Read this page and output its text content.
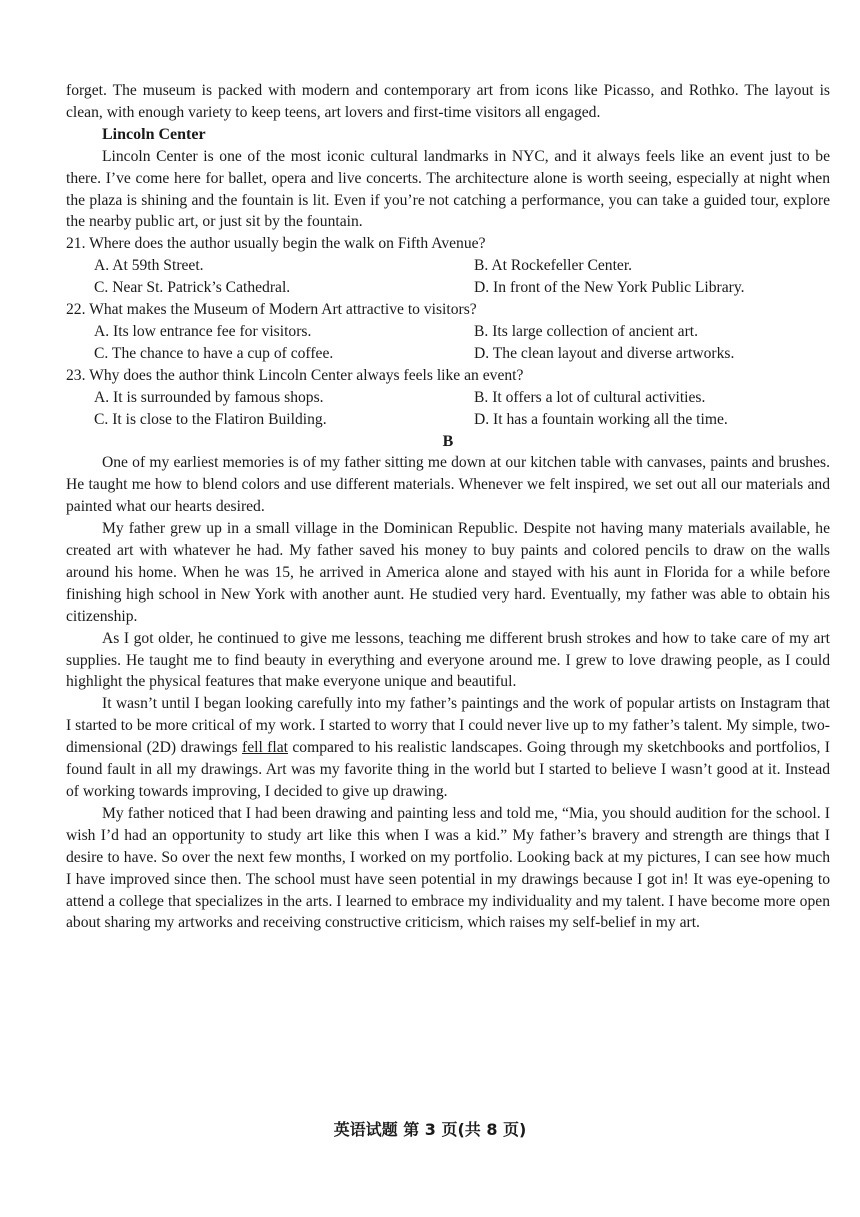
forget. The museum is packed with modern and contemporary art from icons like Picasso, and Rothko. The layout is clean, with enough variety to keep teens, art lovers and first-time visitors all engaged.

Lincoln Center

Lincoln Center is one of the most iconic cultural landmarks in NYC, and it always feels like an event just to be there. I’ve come here for ballet, opera and live concerts. The architecture alone is worth seeing, especially at night when the plaza is shining and the fountain is lit. Even if you’re not catching a performance, you can take a guided tour, explore the nearby public art, or just sit by the fountain.

21. Where does the author usually begin the walk on Fifth Avenue?

A. At 59th Street.	B. At Rockefeller Center.
C. Near St. Patrick’s Cathedral.	D. In front of the New York Public Library.

22. What makes the Museum of Modern Art attractive to visitors?

A. Its low entrance fee for visitors.	B. Its large collection of ancient art.
C. The chance to have a cup of coffee.	D. The clean layout and diverse artworks.

23. Why does the author think Lincoln Center always feels like an event?

A. It is surrounded by famous shops.	B. It offers a lot of cultural activities.
C. It is close to the Flatiron Building.	D. It has a fountain working all the time.

B

One of my earliest memories is of my father sitting me down at our kitchen table with canvases, paints and brushes. He taught me how to blend colors and use different materials. Whenever we felt inspired, we set out all our materials and painted what our hearts desired.

My father grew up in a small village in the Dominican Republic. Despite not having many materials available, he created art with whatever he had. My father saved his money to buy paints and colored pencils to draw on the walls around his home. When he was 15, he arrived in America alone and stayed with his aunt in Florida for a while before finishing high school in New York with another aunt. He studied very hard. Eventually, my father was able to obtain his citizenship.

As I got older, he continued to give me lessons, teaching me different brush strokes and how to take care of my art supplies. He taught me to find beauty in everything and everyone around me. I grew to love drawing people, as I could highlight the physical features that make everyone unique and beautiful.

It wasn’t until I began looking carefully into my father’s paintings and the work of popular artists on Instagram that I started to be more critical of my work. I started to worry that I could never live up to my father’s talent. My simple, two-dimensional (2D) drawings fell flat compared to his realistic landscapes. Going through my sketchbooks and portfolios, I found fault in all my drawings. Art was my favorite thing in the world but I started to believe I wasn’t good at it. Instead of working towards improving, I decided to give up drawing.

My father noticed that I had been drawing and painting less and told me, “Mia, you should audition for the school. I wish I’d had an opportunity to study art like this when I was a kid.” My father’s bravery and strength are things that I desire to have. So over the next few months, I worked on my portfolio. Looking back at my pictures, I can see how much I have improved since then. The school must have seen potential in my drawings because I got in! It was eye-opening to attend a college that specializes in the arts. I learned to embrace my individuality and my talent. I have become more open about sharing my artworks and receiving constructive criticism, which raises my self-belief in my art.

英语试题 第 3 页(共 8 页)
